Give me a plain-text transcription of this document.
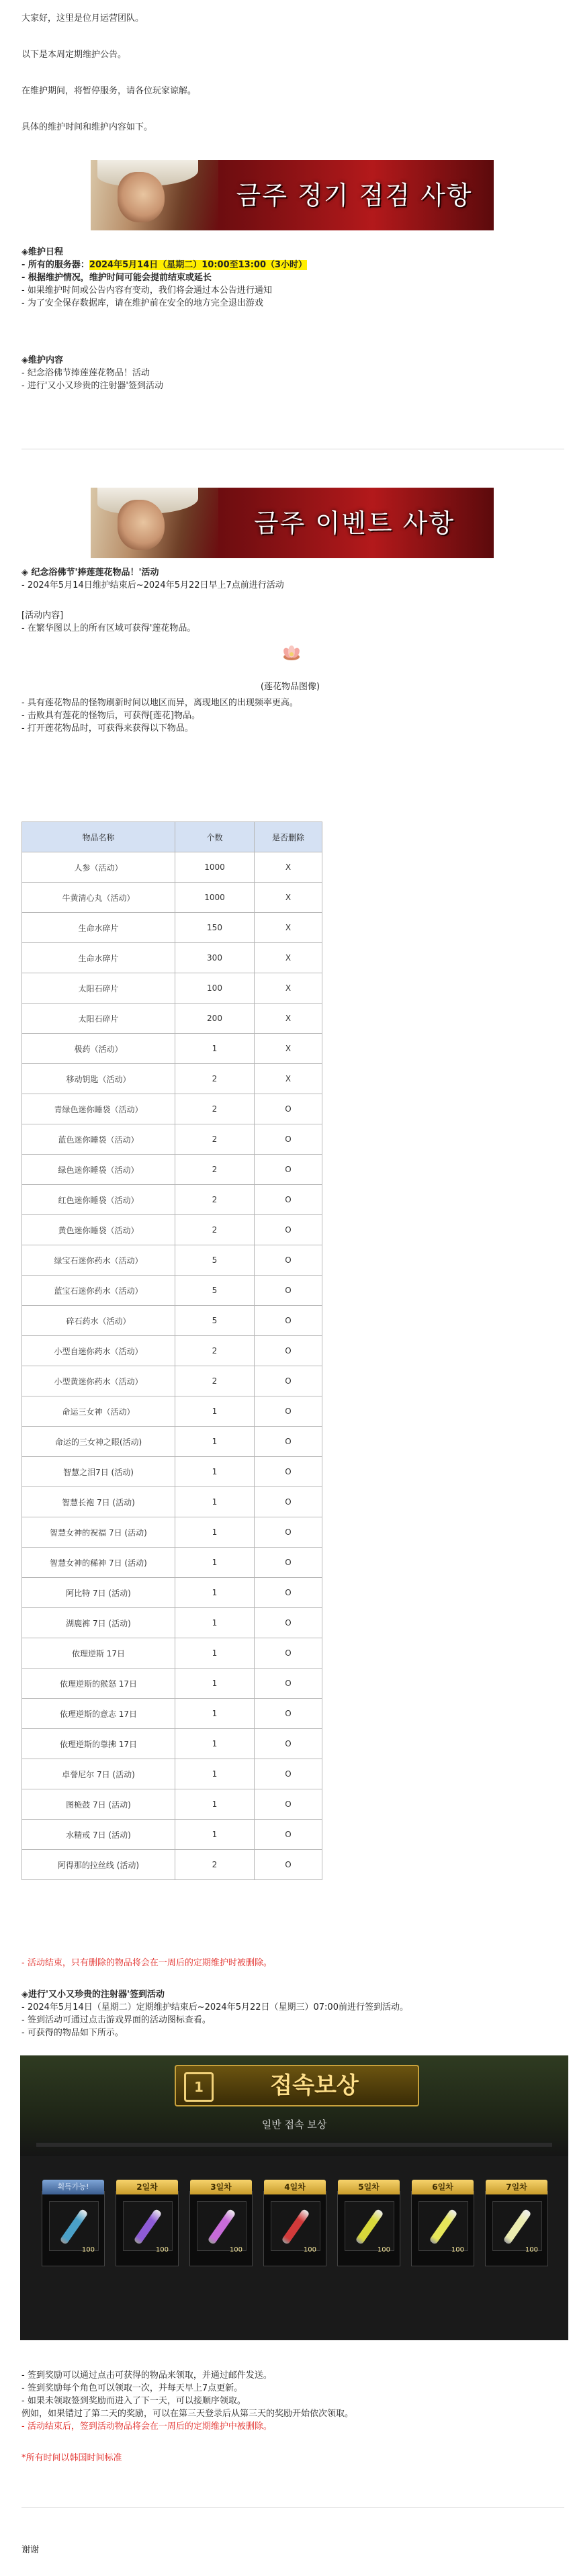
大家好，这里是位月运营团队。

以下是本周定期维护公告。

在维护期间，将暂停服务，请各位玩家谅解。

具体的维护时间和维护内容如下。

금주 정기 점검 사항

◈维护日程

- 所有的服务器：2024年5月14日（星期二）10:00至13:00（3小时）

- 根据维护情况，维护时间可能会提前结束或延长

- 如果维护时间或公告内容有变动，我们将会通过本公告进行通知

- 为了安全保存数据库，请在维护前在安全的地方完全退出游戏

◈维护内容

- 纪念浴佛节捧莲莲花物品！活动

- 进行'又小又珍贵的注射器'签到活动

금주 이벤트 사항

◈ 纪念浴佛节'捧莲莲花物品！'活动

- 2024年5月14日维护结束后~2024年5月22日早上7点前进行活动

[活动内容]

- 在繁华图以上的所有区域可获得'莲花物品。

(莲花物品图像)

- 具有莲花物品的怪物刷新时间以地区而异，离现地区的出现频率更高。

- 击败具有莲花的怪物后，可获得[莲花]物品。

- 打开莲花物品时，可获得来获得以下物品。

物品名称	个数	是否删除
人参（活动）	1000	X
牛黄清心丸（活动）	1000	X
生命水碎片	150	X
生命水碎片	300	X
太阳石碎片	100	X
太阳石碎片	200	X
极药（活动）	1	X
移动钥匙（活动）	2	X
青绿色迷你睡袋（活动）	2	O
蓝色迷你睡袋（活动）	2	O
绿色迷你睡袋（活动）	2	O
红色迷你睡袋（活动）	2	O
黄色迷你睡袋（活动）	2	O
绿宝石迷你药水（活动）	5	O
蓝宝石迷你药水（活动）	5	O
碎石药水（活动）	5	O
小型自迷你药水（活动）	2	O
小型黄迷你药水（活动）	2	O
命运三女神（活动）	1	O
命运的三女神之眼(活动)	1	O
智慧之泪7日 (活动)	1	O
智慧长袍 7日 (活动)	1	O
智慧女神的祝福 7日 (活动)	1	O
智慧女神的稀神 7日 (活动)	1	O
阿比特 7日 (活动)	1	O
湖鹿裤 7日 (活动)	1	O
依理逆斯 17日	1	O
依理逆斯的猴怒 17日	1	O
依理逆斯的意志 17日	1	O
依理逆斯的靠拂 17日	1	O
卓誉尼尔 7日 (活动)	1	O
图桅鼓 7日 (活动)	1	O
水精戒 7日 (活动)	1	O
阿得那的拉丝线 (活动)	2	O

- 活动结束，只有删除的物品将会在一周后的定期维护时被删除。

◈进行'又小又珍贵的注射器'签到活动

- 2024年5月14日（星期二）定期维护结束后~2024年5月22日（星期三）07:00前进行签到活动。

- 签到活动可通过点击游戏界面的活动图标查看。

- 可获得的物品如下所示。

1	접속보상
일반 접속 보상
획득가능!
100
2일차
100
3일차
100
4일차
100
5일차
100
6일차
100
7일차
100

- 签到奖励可以通过点击可获得的物品来领取，并通过邮件发送。

- 签到奖励每个角色可以领取一次，并每天早上7点更新。

- 如果未领取签到奖励而进入了下一天，可以接顺序领取。

例如，如果错过了第二天的奖励，可以在第三天登录后从第三天的奖励开始依次领取。

- 活动结束后，签到活动物品将会在一周后的定期维护中被删除。

*所有时间以韩国时间标准

谢谢
